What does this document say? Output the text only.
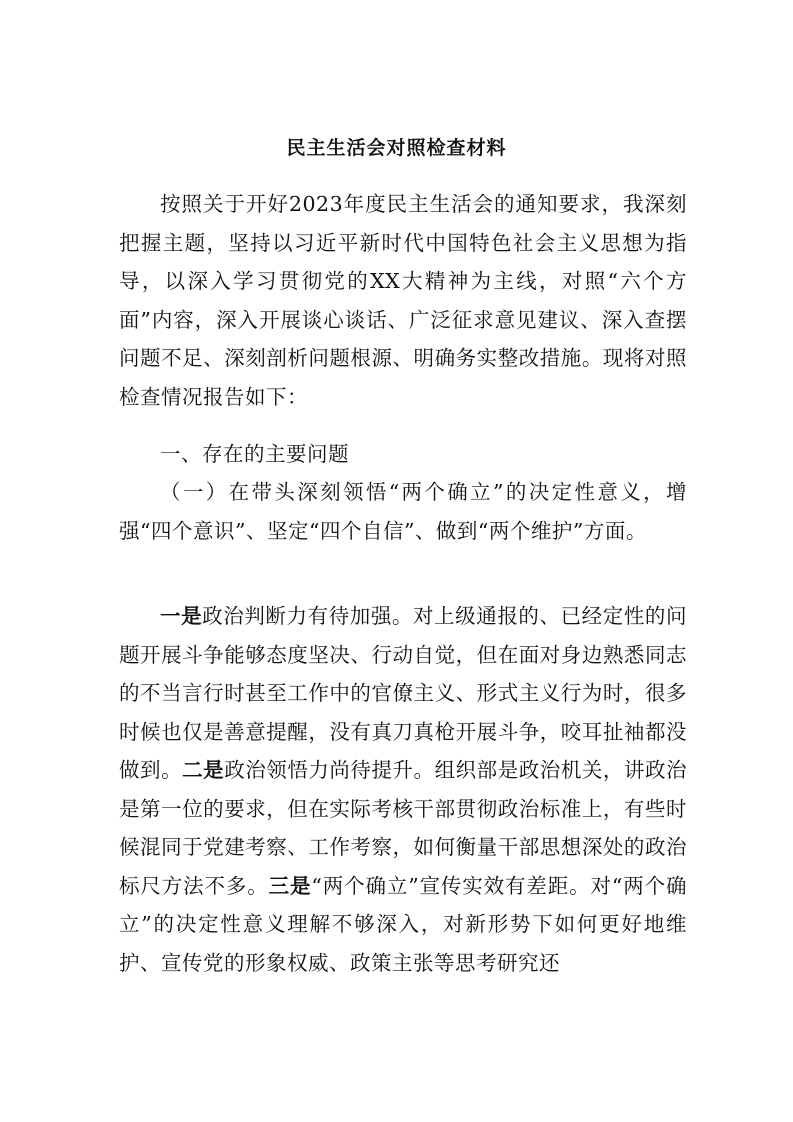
民主生活会对照检查材料

按照关于开好2023年度民主生活会的通知要求，我深刻把握主题，坚持以习近平新时代中国特色社会主义思想为指导，以深入学习贯彻党的XX大精神为主线，对照“六个方面”内容，深入开展谈心谈话、广泛征求意见建议、深入查摆问题不足、深刻剖析问题根源、明确务实整改措施。现将对照检查情况报告如下：

一、存在的主要问题

（一）在带头深刻领悟“两个确立”的决定性意义，增强“四个意识”、坚定“四个自信”、做到“两个维护”方面。

一是政治判断力有待加强。对上级通报的、已经定性的问题开展斗争能够态度坚决、行动自觉，但在面对身边熟悉同志的不当言行时甚至工作中的官僚主义、形式主义行为时，很多时候也仅是善意提醒，没有真刀真枪开展斗争，咬耳扯袖都没做到。二是政治领悟力尚待提升。组织部是政治机关，讲政治是第一位的要求，但在实际考核干部贯彻政治标准上，有些时候混同于党建考察、工作考察，如何衡量干部思想深处的政治标尺方法不多。三是“两个确立”宣传实效有差距。对“两个确立”的决定性意义理解不够深入，对新形势下如何更好地维护、宣传党的形象权威、政策主张等思考研究还
